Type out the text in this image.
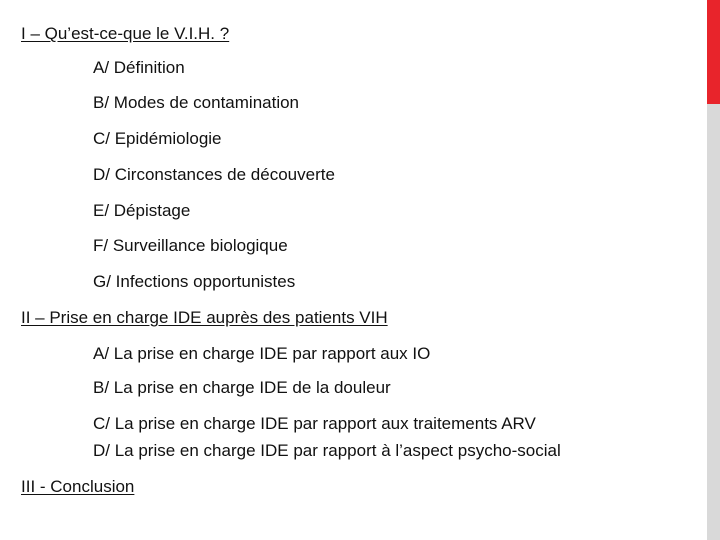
I – Qu’est-ce-que le V.I.H. ?
A/ Définition
B/ Modes de contamination
C/ Epidémiologie
D/ Circonstances de découverte
E/ Dépistage
F/ Surveillance biologique
G/ Infections opportunistes
II – Prise en charge IDE auprès des patients VIH
A/ La prise en charge IDE par rapport aux IO
B/ La prise en charge IDE de la douleur
C/ La prise en charge IDE par rapport aux traitements ARV
D/ La prise en charge IDE par rapport à l’aspect psycho-social
III - Conclusion
